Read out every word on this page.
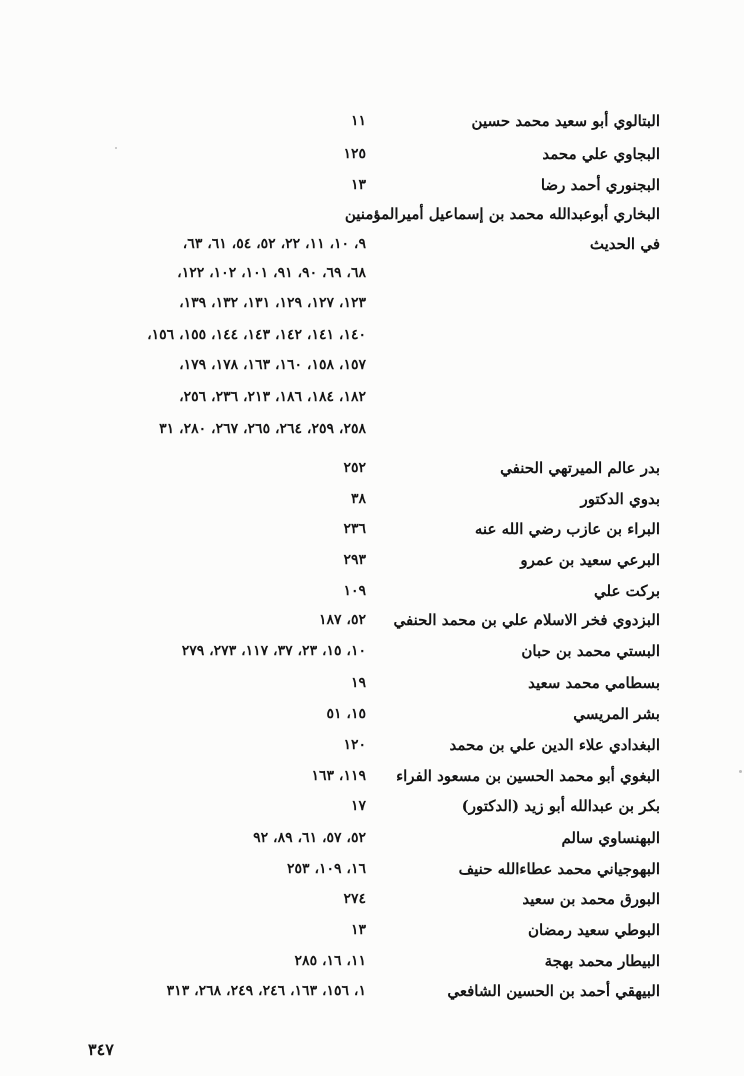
البتالوي أبو سعيد محمد حسين
١١
البجاوي علي محمد
١٢٥
البجنوري أحمد رضا
١٣
البخاري أبوعبدالله محمد بن إسماعيل أميرالمؤمنين
في الحديث
٩، ١٠، ١١، ٢٢، ٥٢، ٥٤، ٦١، ٦٣،
٦٨، ٦٩، ٩٠، ٩١، ١٠١، ١٠٢، ١٢٢،
١٢٣، ١٢٧، ١٢٩، ١٣١، ١٣٢، ١٣٩،
١٤٠، ١٤١، ١٤٢، ١٤٣، ١٤٤، ١٥٥، ١٥٦،
١٥٧، ١٥٨، ١٦٠، ١٦٣، ١٧٨، ١٧٩،
١٨٢، ١٨٤، ١٨٦، ٢١٣، ٢٣٦، ٢٥٦،
٢٥٨، ٢٥٩، ٢٦٤، ٢٦٥، ٢٦٧، ٢٨٠، ٣١
بدر عالم الميرتهي الحنفي
٢٥٢
بدوي الدكتور
٣٨
البراء بن عازب رضي الله عنه
٢٣٦
البرعي سعيد بن عمرو
٢٩٣
بركت علي
١٠٩
البزدوي فخر الاسلام علي بن محمد الحنفي
٥٢، ١٨٧
البستي محمد بن حبان
١٠، ١٥، ٢٣، ٣٧، ١١٧، ٢٧٣، ٢٧٩
بسطامي محمد سعيد
١٩
بشر المريسي
١٥، ٥١
البغدادي علاء الدين علي بن محمد
١٢٠
البغوي أبو محمد الحسين بن مسعود الفراء
١١٩، ١٦٣
بكر بن عبدالله أبو زيد (الدكتور)
١٧
البهنساوي سالم
٥٢، ٥٧، ٦١، ٨٩، ٩٢
البهوجياني محمد عطاءالله حنيف
١٦، ١٠٩، ٢٥٣
البورق محمد بن سعيد
٢٧٤
البوطي سعيد رمضان
١٣
البيطار محمد بهجة
١١، ١٦، ٢٨٥
البيهقي أحمد بن الحسين الشافعي
١، ١٥٦، ١٦٣، ٢٤٦، ٢٤٩، ٢٦٨، ٣١٣
٣٤٧
